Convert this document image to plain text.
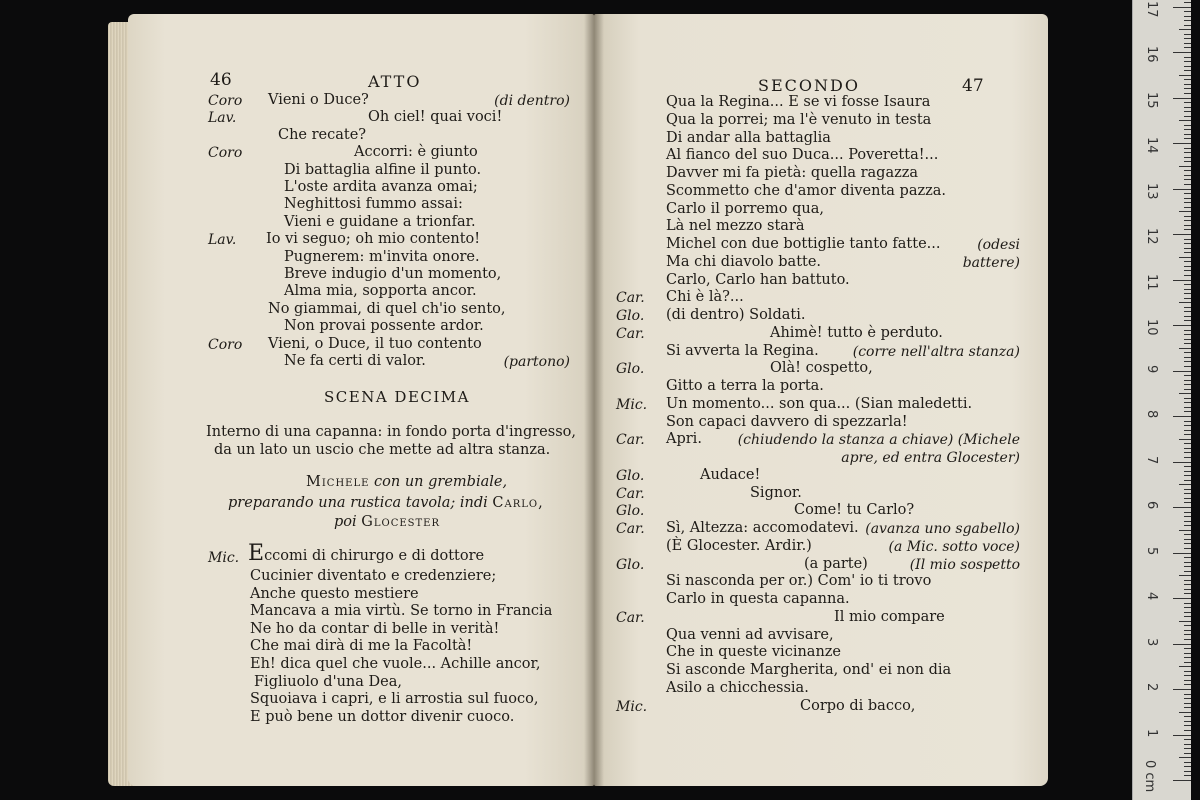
46	ATTO
Coro Vieni o Duce?	(di dentro)
Lav.	Oh ciel! quai voci!
Che recate?
Coro	Accorri: è giunto
Di battaglia alfine il punto.
L'oste ardita avanza omai;
Neghittosi fummo assai:
Vieni e guidane a trionfar.
Lav. Io vi seguo; oh mio contento!
Pugnerem: m'invita onore.
Breve indugio d'un momento,
Alma mia, sopporta ancor.
No giammai, di quel ch'io sento,
Non provai possente ardor.
Coro Vieni, o Duce, il tuo contento
Ne fa certi di valor.	(partono)
SCENA DECIMA
Interno di una capanna: in fondo porta d'ingresso,
da un lato un uscio che mette ad altra stanza.
Michele con un grembiale,
preparando una rustica tavola; indi Carlo,
poi Glocester
Mic. Eccomi di chirurgo e di dottore
Cucinier diventato e credenziere;
Anche questo mestiere
Mancava a mia virtù. Se torno in Francia
Ne ho da contar di belle in verità!
Che mai dirà di me la Facoltà!
Eh! dica quel che vuole... Achille ancor,
Figliuolo d'una Dea,
Squoiava i capri, e li arrostia sul fuoco,
E può bene un dottor divenir cuoco.
SECONDO	47
Qua la Regina... E se vi fosse Isaura
Qua la porrei; ma l'è venuto in testa
Di andar alla battaglia
Al fianco del suo Duca... Poveretta!...
Davver mi fa pietà: quella ragazza
Scommetto che d'amor diventa pazza.
Carlo il porremo qua,
Là nel mezzo starà
Michel con due bottiglie tanto fatte...	(odesi
Ma chi diavolo batte.	battere)
Carlo, Carlo han battuto.
Car. Chi è là?...
Glo. (di dentro) Soldati.
Car.	Ahimè! tutto è perduto.
Si avverta la Regina. (corre nell'altra stanza)
Glo.	Olà! cospetto,
Gitto a terra la porta.
Mic. Un momento... son qua... (Sian maledetti.
Son capaci davvero di spezzarla!
Car. Apri.	(chiudendo la stanza a chiave) (Michele
apre, ed entra Glocester)
Glo.	Audace!
Car.	Signor.
Glo.	Come! tu Carlo?
Car. Sì, Altezza: accomodatevi. (avanza uno sgabello)
(È Glocester. Ardir.)	(a Mic. sotto voce)
Glo.	(a parte)	(Il mio sospetto
Si nasconda per or.) Com' io ti trovo
Carlo in questa capanna.
Car.	Il mio compare
Qua venni ad avvisare,
Che in queste vicinanze
Si asconde Margherita, ond' ei non dia
Asilo a chicchessia.
Mic.	Corpo di bacco,
0 cm
1
2
3
4
5
6
7
8
9
10
11
12
13
14
15
16
17
